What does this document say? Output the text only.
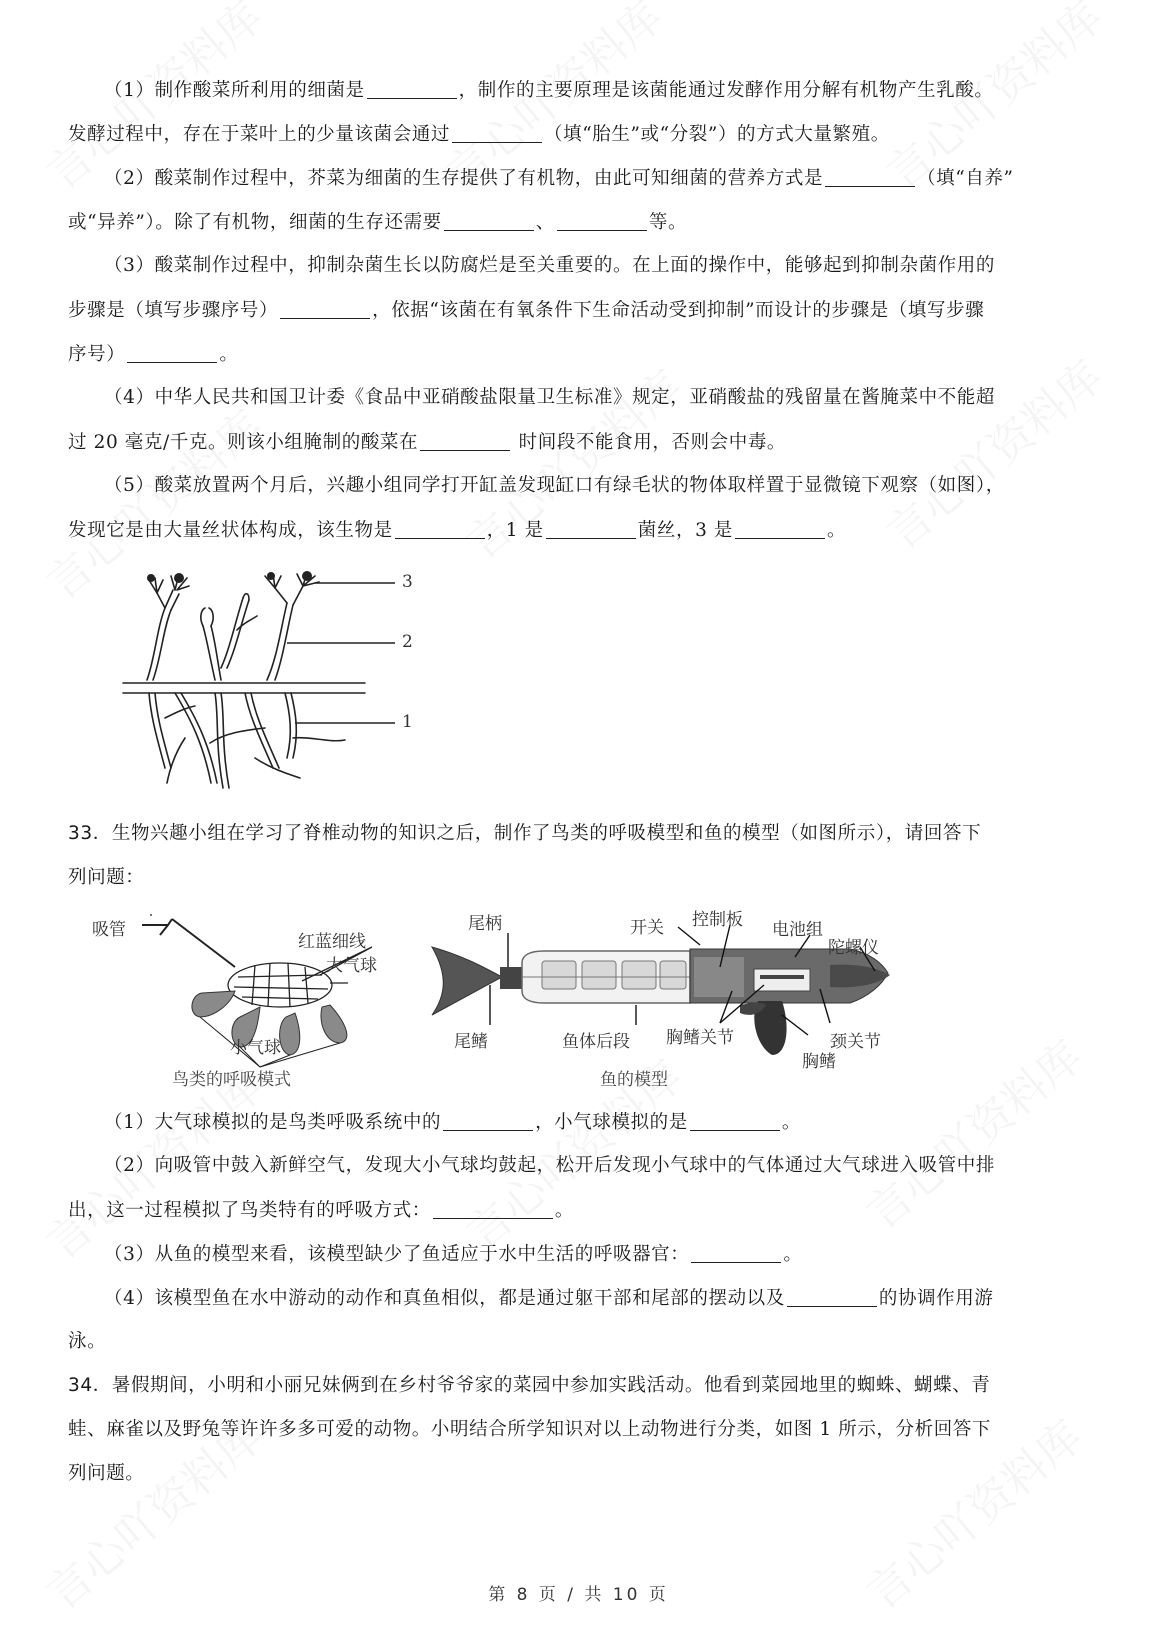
（1）制作酸菜所利用的细菌是	，制作的主要原理是该菌能通过发酵作用分解有机物产生乳酸。
发酵过程中，存在于菜叶上的少量该菌会通过	（填“胎生”或“分裂”）的方式大量繁殖。
（2）酸菜制作过程中，芥菜为细菌的生存提供了有机物，由此可知细菌的营养方式是	（填“自养”
或“异养”）。除了有机物，细菌的生存还需要	、	等。
（3）酸菜制作过程中，抑制杂菌生长以防腐烂是至关重要的。在上面的操作中，能够起到抑制杂菌作用的
步骤是（填写步骤序号）	，依据“该菌在有氧条件下生命活动受到抑制”而设计的步骤是（填写步骤
序号）	。
（4）中华人民共和国卫计委《食品中亚硝酸盐限量卫生标准》规定，亚硝酸盐的残留量在酱腌菜中不能超
过 20 毫克/千克。则该小组腌制的酸菜在	时间段不能食用，否则会中毒。
（5）酸菜放置两个月后，兴趣小组同学打开缸盖发现缸口有绿毛状的物体取样置于显微镜下观察（如图），
发现它是由大量丝状体构成，该生物是	，1 是	菌丝，3 是	。
3
2
1
33．生物兴趣小组在学习了脊椎动物的知识之后，制作了鸟类的呼吸模型和鱼的模型（如图所示），请回答下
列问题：
吸管
红蓝细线
大气球
小气球
鸟类的呼吸模式
尾柄	开关 控制板 电池组
陀螺仪
尾鳍	鱼体后段 胸鳍关节	颈关节
胸鳍
鱼的模型
（1）大气球模拟的是鸟类呼吸系统中的	，小气球模拟的是	。
（2）向吸管中鼓入新鲜空气，发现大小气球均鼓起，松开后发现小气球中的气体通过大气球进入吸管中排
出，这一过程模拟了鸟类特有的呼吸方式：	。
（3）从鱼的模型来看，该模型缺少了鱼适应于水中生活的呼吸器官：	。
（4）该模型鱼在水中游动的动作和真鱼相似，都是通过躯干部和尾部的摆动以及	的协调作用游
泳。
34．暑假期间，小明和小丽兄妹俩到在乡村爷爷家的菜园中参加实践活动。他看到菜园地里的蜘蛛、蝴蝶、青
蛙、麻雀以及野兔等许许多多可爱的动物。小明结合所学知识对以上动物进行分类，如图 1 所示，分析回答下
列问题。
第 8 页 / 共 10 页
